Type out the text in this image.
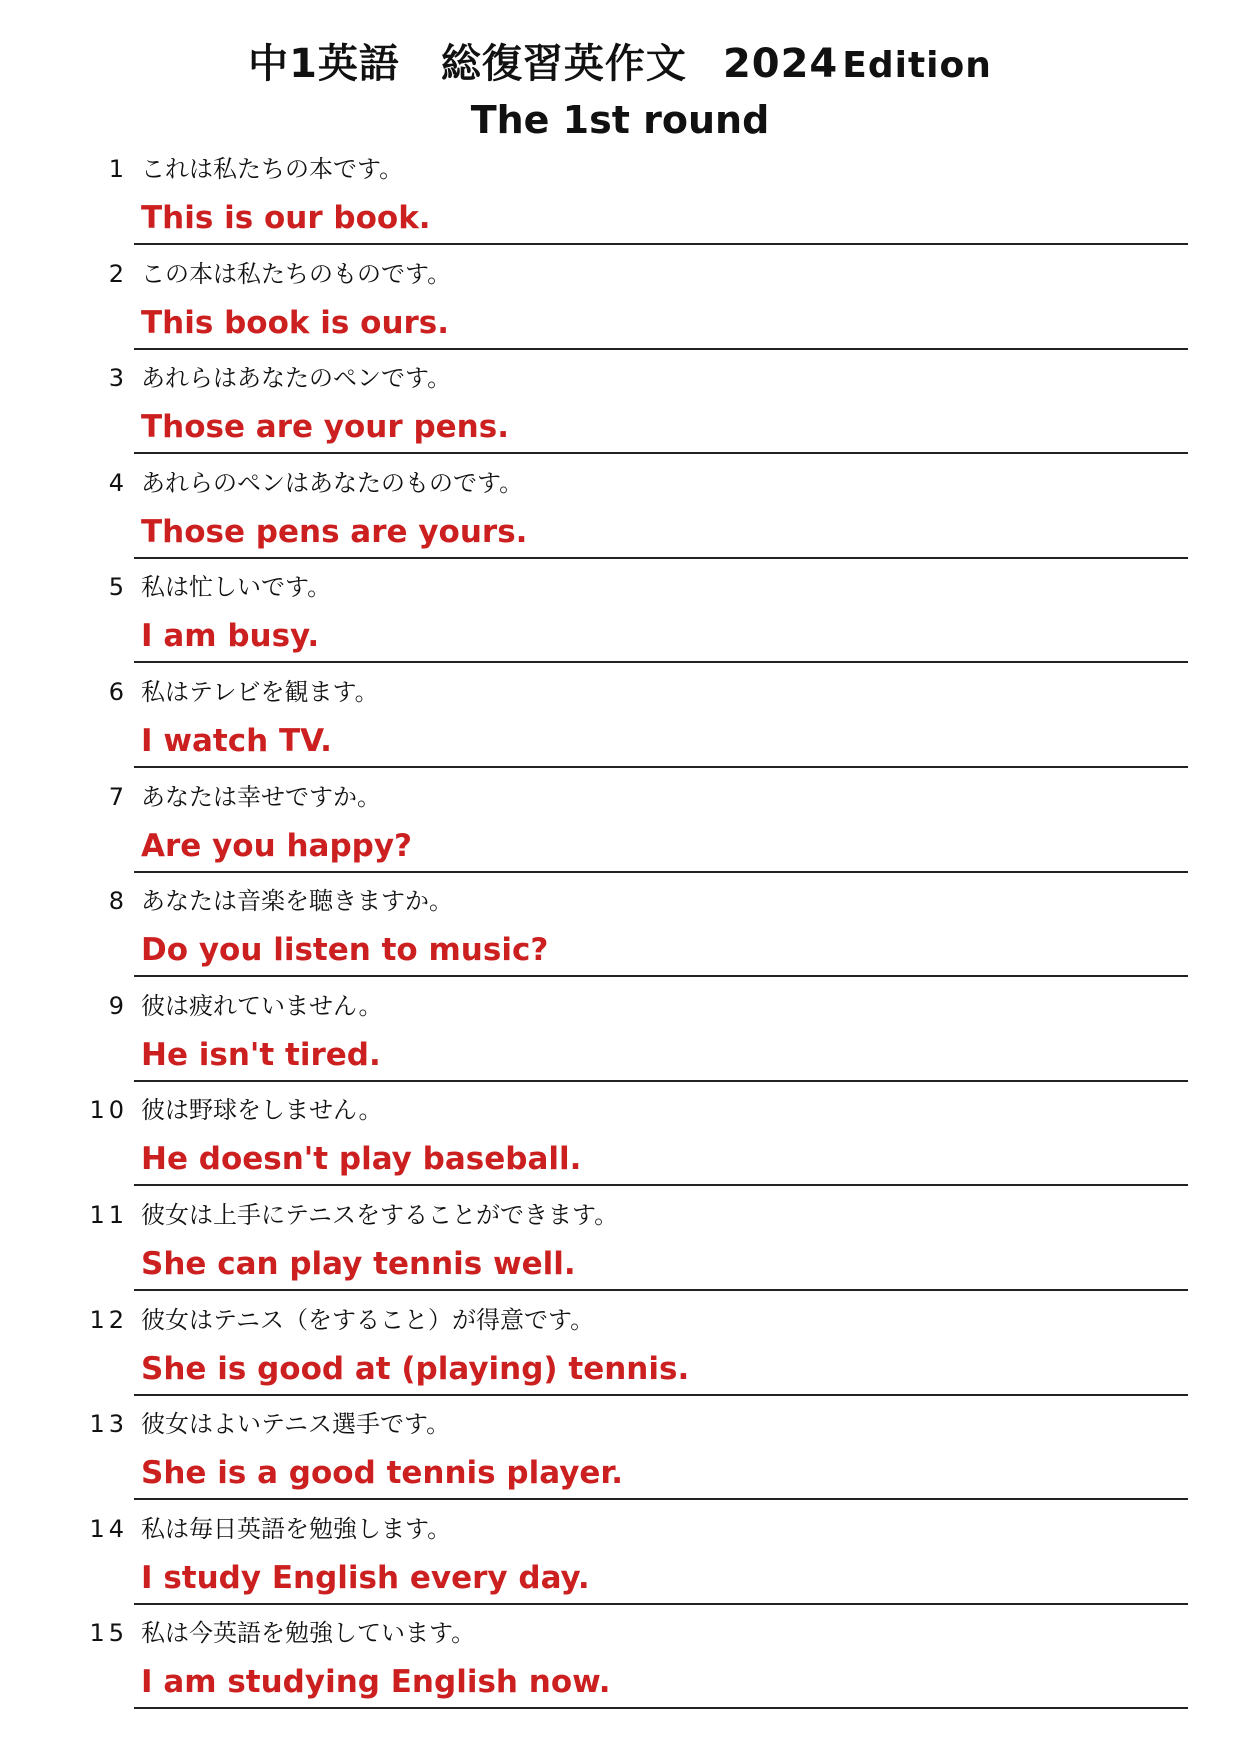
中1英語　総復習英作文 2024 Edition
The 1st round
1 これは私たちの本です。
This is our book.
2 この本は私たちのものです。
This book is ours.
3 あれらはあなたのペンです。
Those are your pens.
4 あれらのペンはあなたのものです。
Those pens are yours.
5 私は忙しいです。
I am busy.
6 私はテレビを観ます。
I watch TV.
7 あなたは幸せですか。
Are you happy?
8 あなたは音楽を聴きますか。
Do you listen to music?
9 彼は疲れていません。
He isn't tired.
10 彼は野球をしません。
He doesn't play baseball.
11 彼女は上手にテニスをすることができます。
She can play tennis well.
12 彼女はテニス（をすること）が得意です。
She is good at (playing) tennis.
13 彼女はよいテニス選手です。
She is a good tennis player.
14 私は毎日英語を勉強します。
I study English every day.
15 私は今英語を勉強しています。
I am studying English now.
